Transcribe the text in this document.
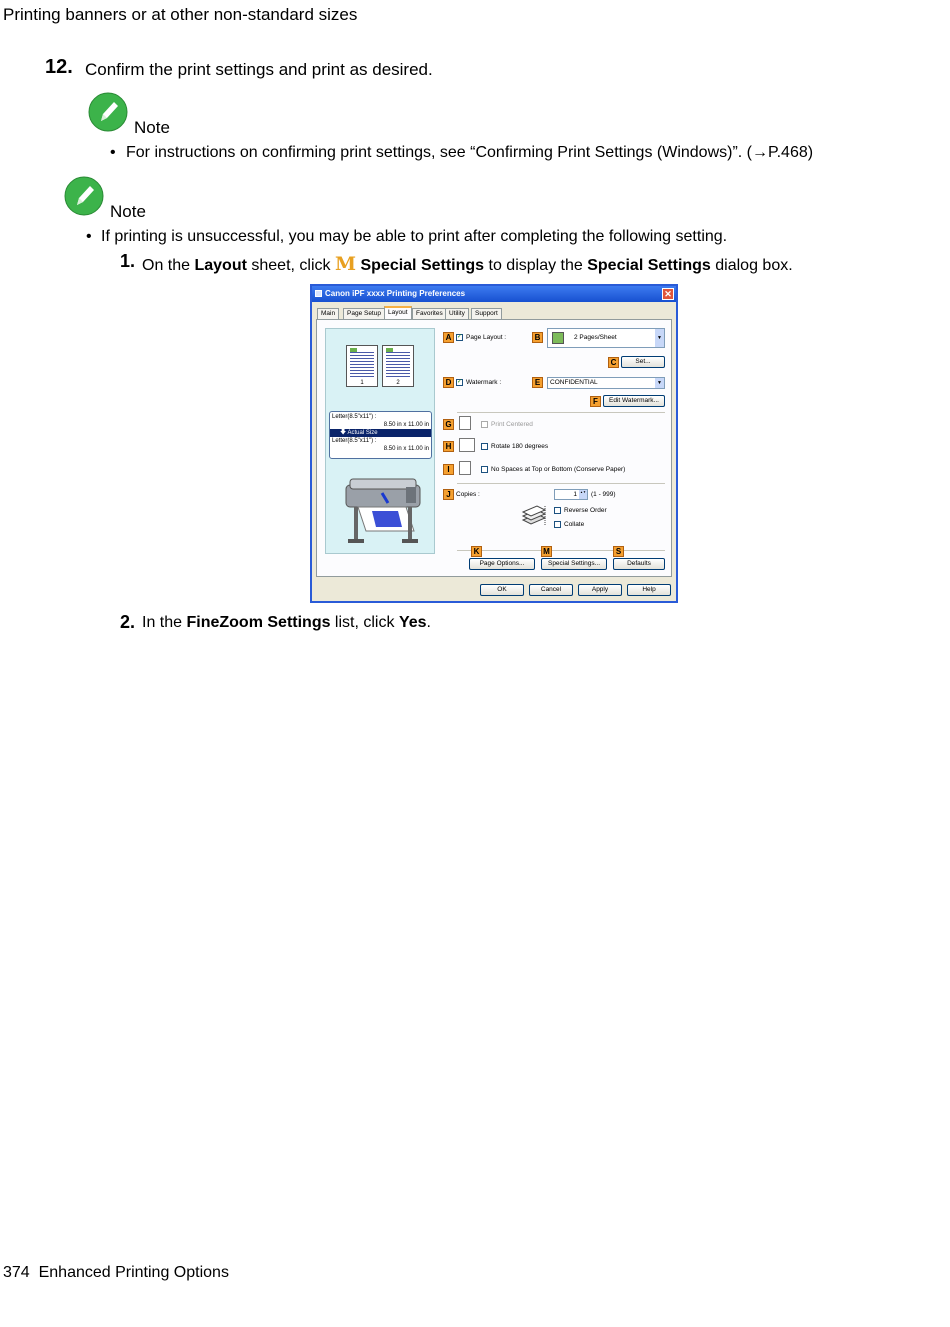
Printing banners or at other non-standard sizes
12. Confirm the print settings and print as desired.
Note
• For instructions on confirming print settings, see “Confirming Print Settings (Windows)”. (→P.468)
Note
• If printing is unsuccessful, you may be able to print after completing the following setting.
1. On the Layout sheet, click M Special Settings to display the Special Settings dialog box.
Canon iPF xxxx Printing Preferences	✕
Main	Page Setup	Layout	Favorites Utility	Support
1	2
Letter(8.5"x11") :
8.50 in x 11.00 in
🡇 Actual Size
Letter(8.5"x11") :
8.50 in x 11.00 in
A ✓ Page Layout :	B	2 Pages/Sheet	▼
C	Set...
D ✓ Watermark :	E	CONFIDENTIAL	▼
F	Edit Watermark...
G	Print Centered
H	Rotate 180 degrees
I	No Spaces at Top or Bottom (Conserve Paper)
J Copies :	1	▲▼ (1 - 999)
Reverse Order
Collate
K	M	S
Page Options...	Special Settings...	Defaults
OK	Cancel	Apply	Help
2. In the FineZoom Settings list, click Yes.
374 Enhanced Printing Options
